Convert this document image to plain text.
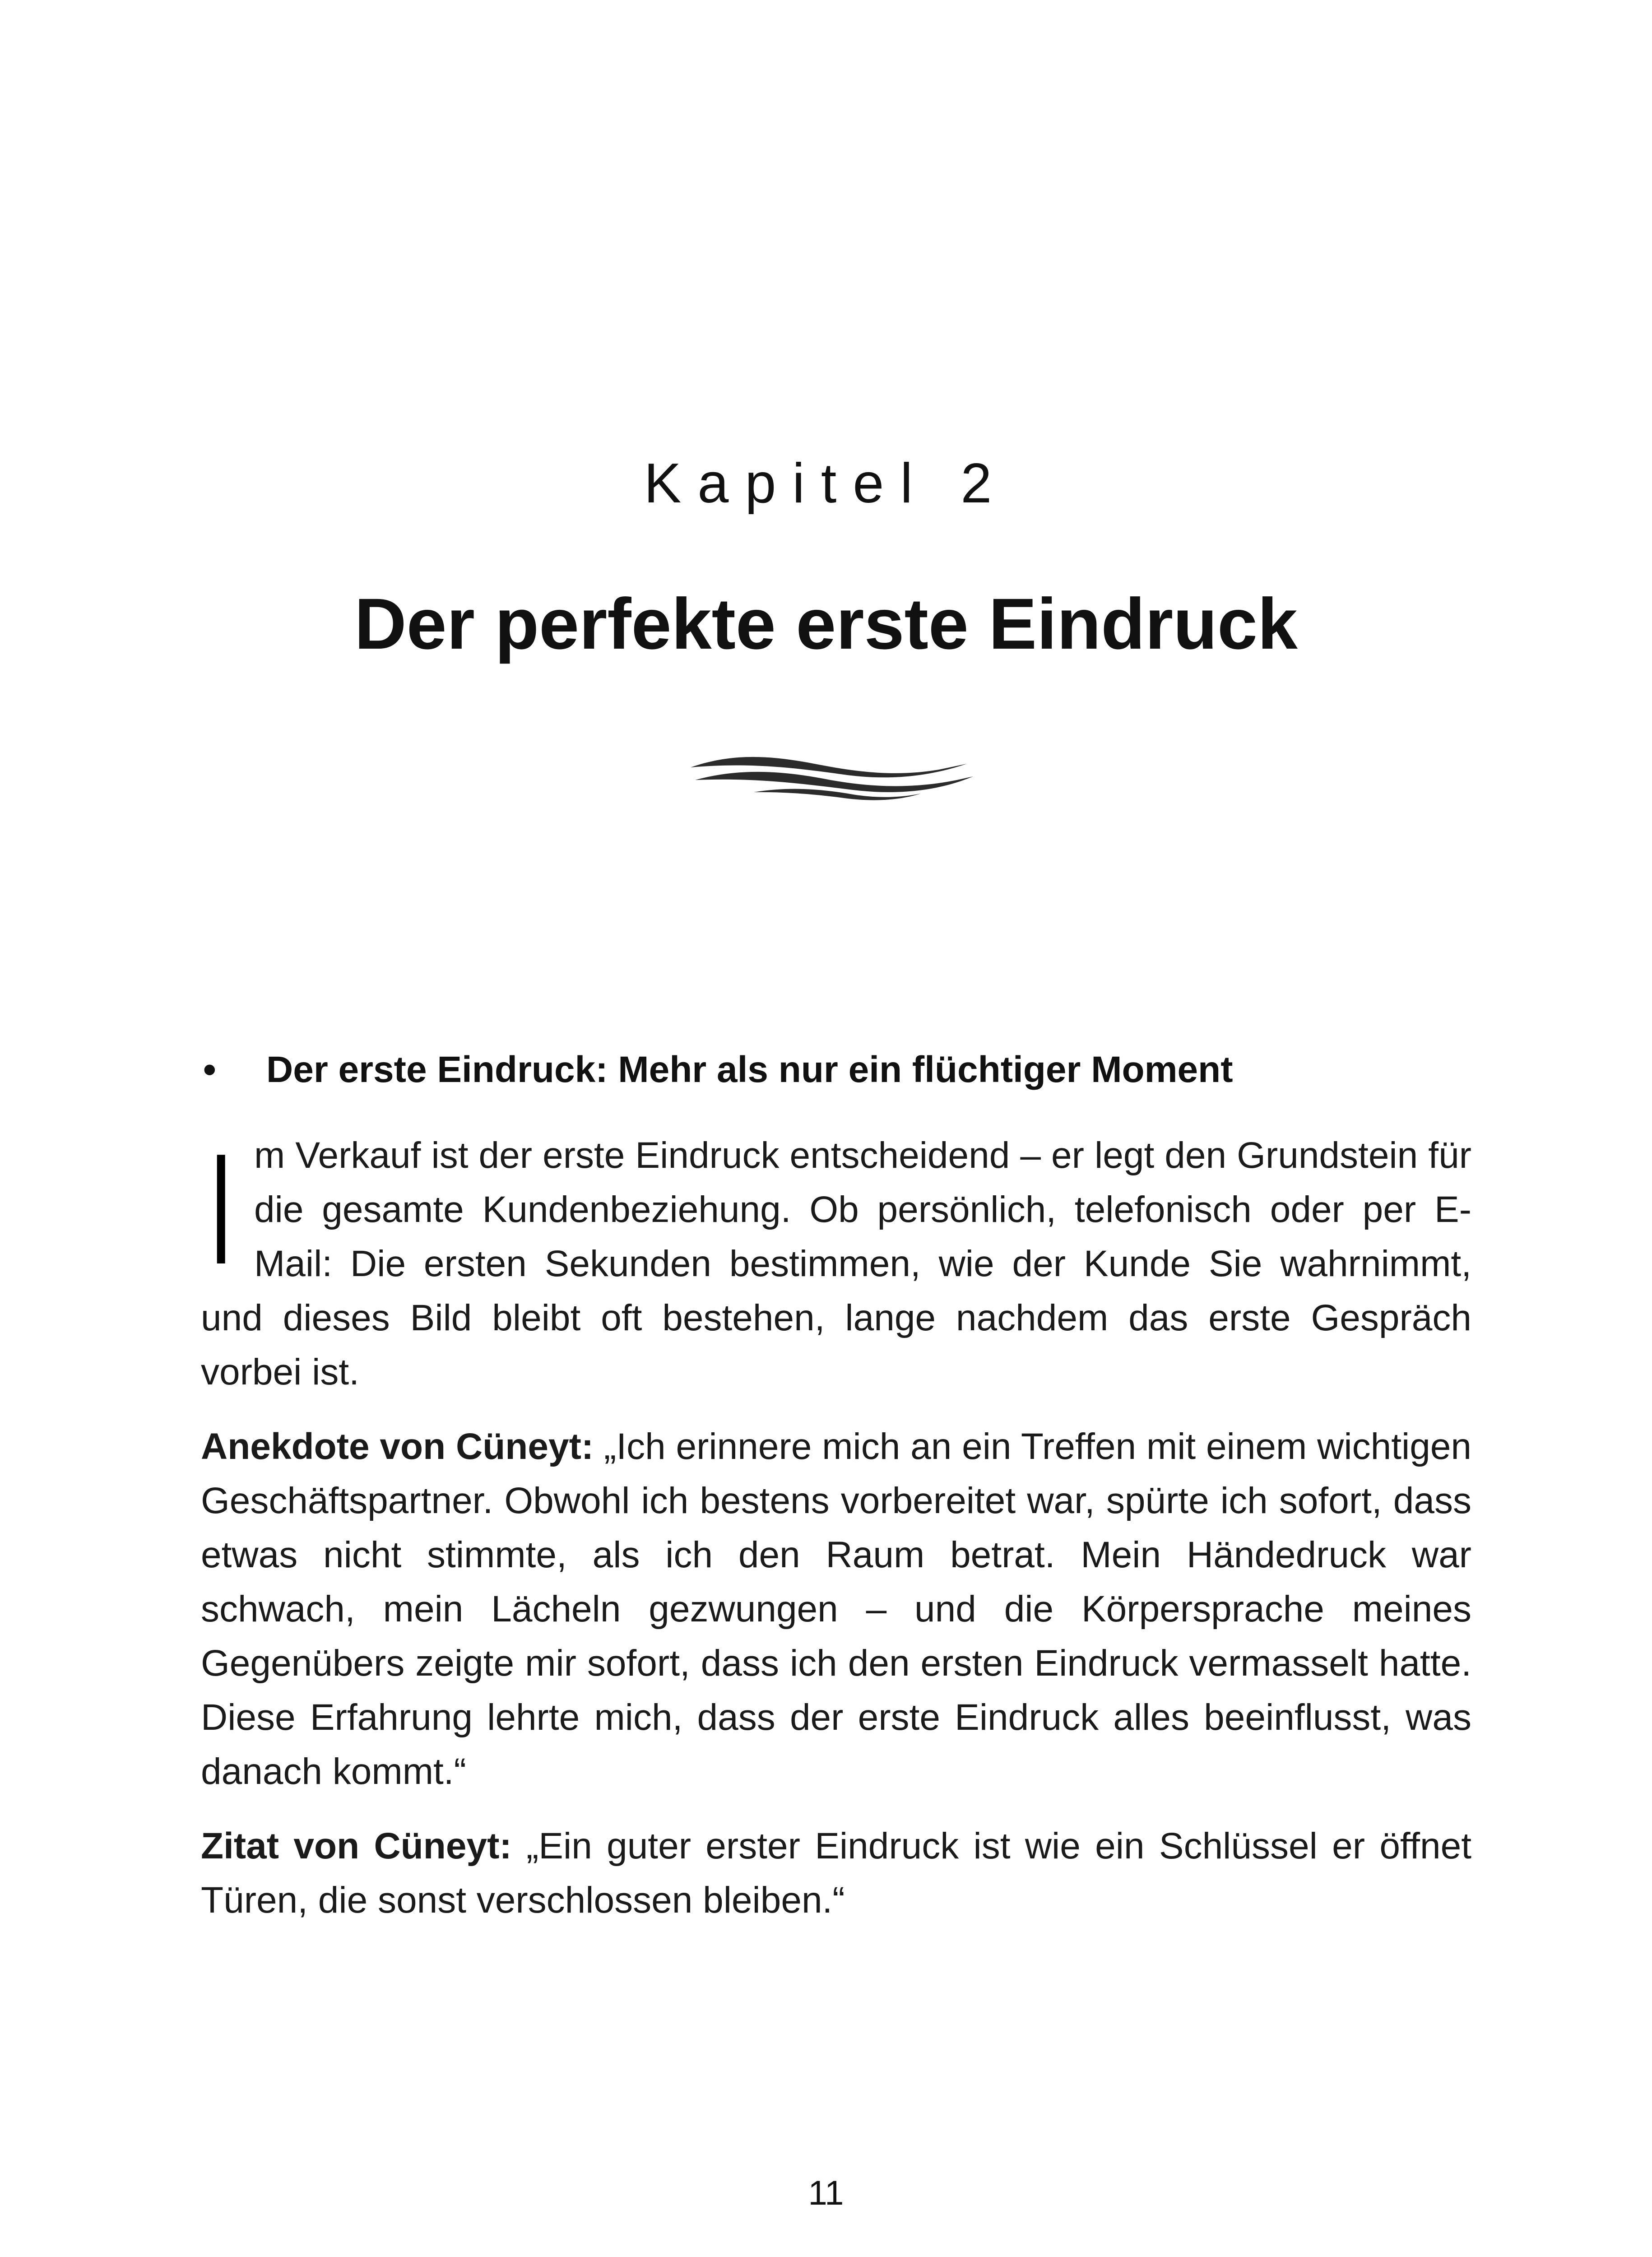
Kapitel 2
Der perfekte erste Eindruck
• Der erste Eindruck: Mehr als nur ein flüchtiger Moment

Im Verkauf ist der erste Eindruck entscheidend – er legt den Grundstein für die gesamte Kundenbeziehung. Ob persönlich, telefonisch oder per E-Mail: Die ersten Sekunden bestimmen, wie der Kunde Sie wahrnimmt, und dieses Bild bleibt oft bestehen, lange nachdem das erste Gespräch vorbei ist.

Anekdote von Cüneyt: „Ich erinnere mich an ein Treffen mit einem wichtigen Geschäftspartner. Obwohl ich bestens vorbereitet war, spürte ich sofort, dass etwas nicht stimmte, als ich den Raum betrat. Mein Händedruck war schwach, mein Lächeln gezwungen – und die Körpersprache meines Gegenübers zeigte mir sofort, dass ich den ersten Eindruck vermasselt hatte. Diese Erfahrung lehrte mich, dass der erste Eindruck alles beeinflusst, was danach kommt.“

Zitat von Cüneyt: „Ein guter erster Eindruck ist wie ein Schlüssel er öffnet Türen, die sonst verschlossen bleiben.“

11
